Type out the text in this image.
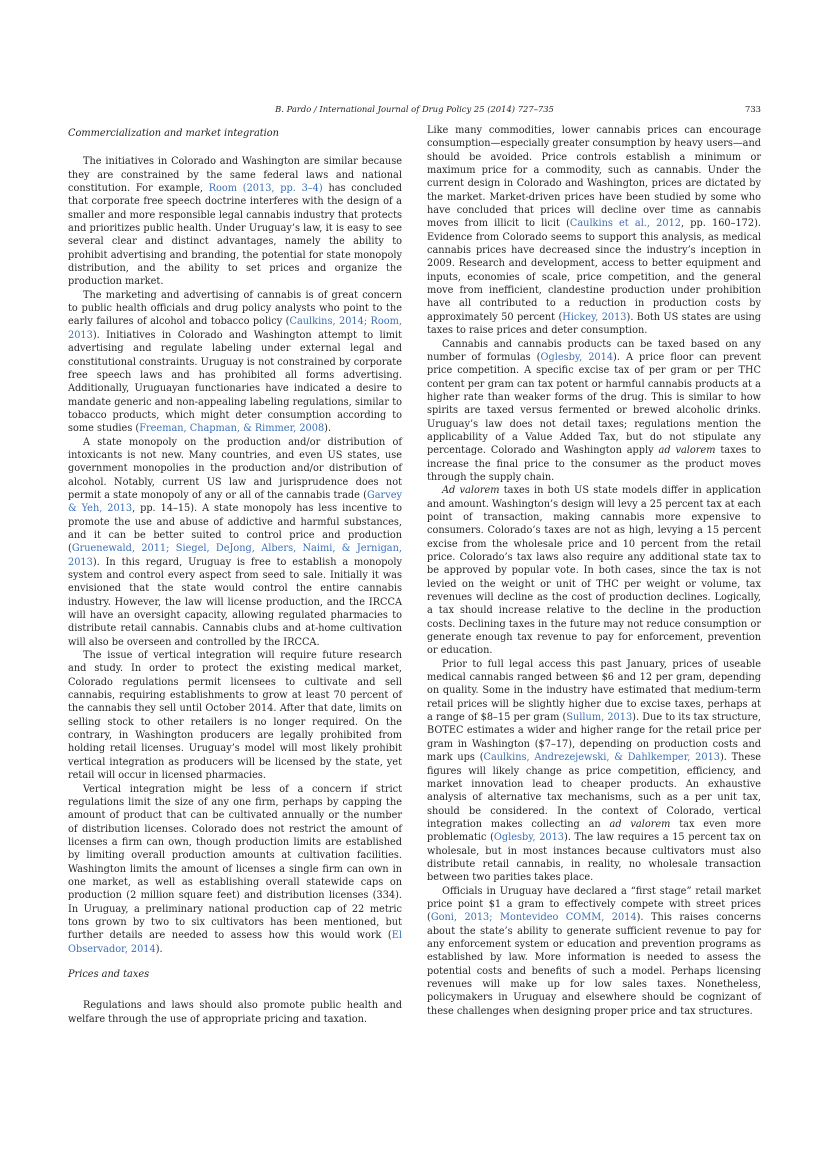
B. Pardo / International Journal of Drug Policy 25 (2014) 727–735	733
Commercialization and market integration

The initiatives in Colorado and Washington are similar because they are constrained by the same federal laws and national constitution. For example, Room (2013, pp. 3–4) has concluded that corporate free speech doctrine interferes with the design of a smaller and more responsible legal cannabis industry that protects and prioritizes public health. Under Uruguay’s law, it is easy to see several clear and distinct advantages, namely the ability to prohibit advertising and branding, the potential for state monopoly distribution, and the ability to set prices and organize the production market.

The marketing and advertising of cannabis is of great concern to public health officials and drug policy analysts who point to the early failures of alcohol and tobacco policy (Caulkins, 2014; Room, 2013). Initiatives in Colorado and Washington attempt to limit advertising and regulate labeling under external legal and constitutional constraints. Uruguay is not constrained by corporate free speech laws and has prohibited all forms advertising. Additionally, Uruguayan functionaries have indicated a desire to mandate generic and non-appealing labeling regulations, similar to tobacco products, which might deter consumption according to some studies (Freeman, Chapman, & Rimmer, 2008).

A state monopoly on the production and/or distribution of intoxicants is not new. Many countries, and even US states, use government monopolies in the production and/or distribution of alcohol. Notably, current US law and jurisprudence does not permit a state monopoly of any or all of the cannabis trade (Garvey & Yeh, 2013, pp. 14–15). A state monopoly has less incentive to promote the use and abuse of addictive and harmful substances, and it can be better suited to control price and production (Gruenewald, 2011; Siegel, DeJong, Albers, Naimi, & Jernigan, 2013). In this regard, Uruguay is free to establish a monopoly system and control every aspect from seed to sale. Initially it was envisioned that the state would control the entire cannabis industry. However, the law will license production, and the IRCCA will have an oversight capacity, allowing regulated pharmacies to distribute retail cannabis. Cannabis clubs and at-home cultivation will also be overseen and controlled by the IRCCA.

The issue of vertical integration will require future research and study. In order to protect the existing medical market, Colorado regulations permit licensees to cultivate and sell cannabis, requiring establishments to grow at least 70 percent of the cannabis they sell until October 2014. After that date, limits on selling stock to other retailers is no longer required. On the contrary, in Washington producers are legally prohibited from holding retail licenses. Uruguay’s model will most likely prohibit vertical integration as producers will be licensed by the state, yet retail will occur in licensed pharmacies.

Vertical integration might be less of a concern if strict regulations limit the size of any one firm, perhaps by capping the amount of product that can be cultivated annually or the number of distribution licenses. Colorado does not restrict the amount of licenses a firm can own, though production limits are established by limiting overall production amounts at cultivation facilities. Washington limits the amount of licenses a single firm can own in one market, as well as establishing overall statewide caps on production (2 million square feet) and distribution licenses (334). In Uruguay, a preliminary national production cap of 22 metric tons grown by two to six cultivators has been mentioned, but further details are needed to assess how this would work (El Observador, 2014).

Prices and taxes

Regulations and laws should also promote public health and welfare through the use of appropriate pricing and taxation.

Like many commodities, lower cannabis prices can encourage consumption—especially greater consumption by heavy users—and should be avoided. Price controls establish a minimum or maximum price for a commodity, such as cannabis. Under the current design in Colorado and Washington, prices are dictated by the market. Market-driven prices have been studied by some who have concluded that prices will decline over time as cannabis moves from illicit to licit (Caulkins et al., 2012, pp. 160–172). Evidence from Colorado seems to support this analysis, as medical cannabis prices have decreased since the industry’s inception in 2009. Research and development, access to better equipment and inputs, economies of scale, price competition, and the general move from inefficient, clandestine production under prohibition have all contributed to a reduction in production costs by approximately 50 percent (Hickey, 2013). Both US states are using taxes to raise prices and deter consumption.

Cannabis and cannabis products can be taxed based on any number of formulas (Oglesby, 2014). A price floor can prevent price competition. A specific excise tax of per gram or per THC content per gram can tax potent or harmful cannabis products at a higher rate than weaker forms of the drug. This is similar to how spirits are taxed versus fermented or brewed alcoholic drinks. Uruguay’s law does not detail taxes; regulations mention the applicability of a Value Added Tax, but do not stipulate any percentage. Colorado and Washington apply ad valorem taxes to increase the final price to the consumer as the product moves through the supply chain.

Ad valorem taxes in both US state models differ in application and amount. Washington’s design will levy a 25 percent tax at each point of transaction, making cannabis more expensive to consumers. Colorado’s taxes are not as high, levying a 15 percent excise from the wholesale price and 10 percent from the retail price. Colorado’s tax laws also require any additional state tax to be approved by popular vote. In both cases, since the tax is not levied on the weight or unit of THC per weight or volume, tax revenues will decline as the cost of production declines. Logically, a tax should increase relative to the decline in the production costs. Declining taxes in the future may not reduce consumption or generate enough tax revenue to pay for enforcement, prevention or education.

Prior to full legal access this past January, prices of useable medical cannabis ranged between $6 and 12 per gram, depending on quality. Some in the industry have estimated that medium-term retail prices will be slightly higher due to excise taxes, perhaps at a range of $8–15 per gram (Sullum, 2013). Due to its tax structure, BOTEC estimates a wider and higher range for the retail price per gram in Washington ($7–17), depending on production costs and mark ups (Caulkins, Andrezejewski, & Dahlkemper, 2013). These figures will likely change as price competition, efficiency, and market innovation lead to cheaper products. An exhaustive analysis of alternative tax mechanisms, such as a per unit tax, should be considered. In the context of Colorado, vertical integration makes collecting an ad valorem tax even more problematic (Oglesby, 2013). The law requires a 15 percent tax on wholesale, but in most instances because cultivators must also distribute retail cannabis, in reality, no wholesale transaction between two parities takes place.

Officials in Uruguay have declared a “first stage” retail market price point $1 a gram to effectively compete with street prices (Goni, 2013; Montevideo COMM, 2014). This raises concerns about the state’s ability to generate sufficient revenue to pay for any enforcement system or education and prevention programs as established by law. More information is needed to assess the potential costs and benefits of such a model. Perhaps licensing revenues will make up for low sales taxes. Nonetheless, policymakers in Uruguay and elsewhere should be cognizant of these challenges when designing proper price and tax structures.
